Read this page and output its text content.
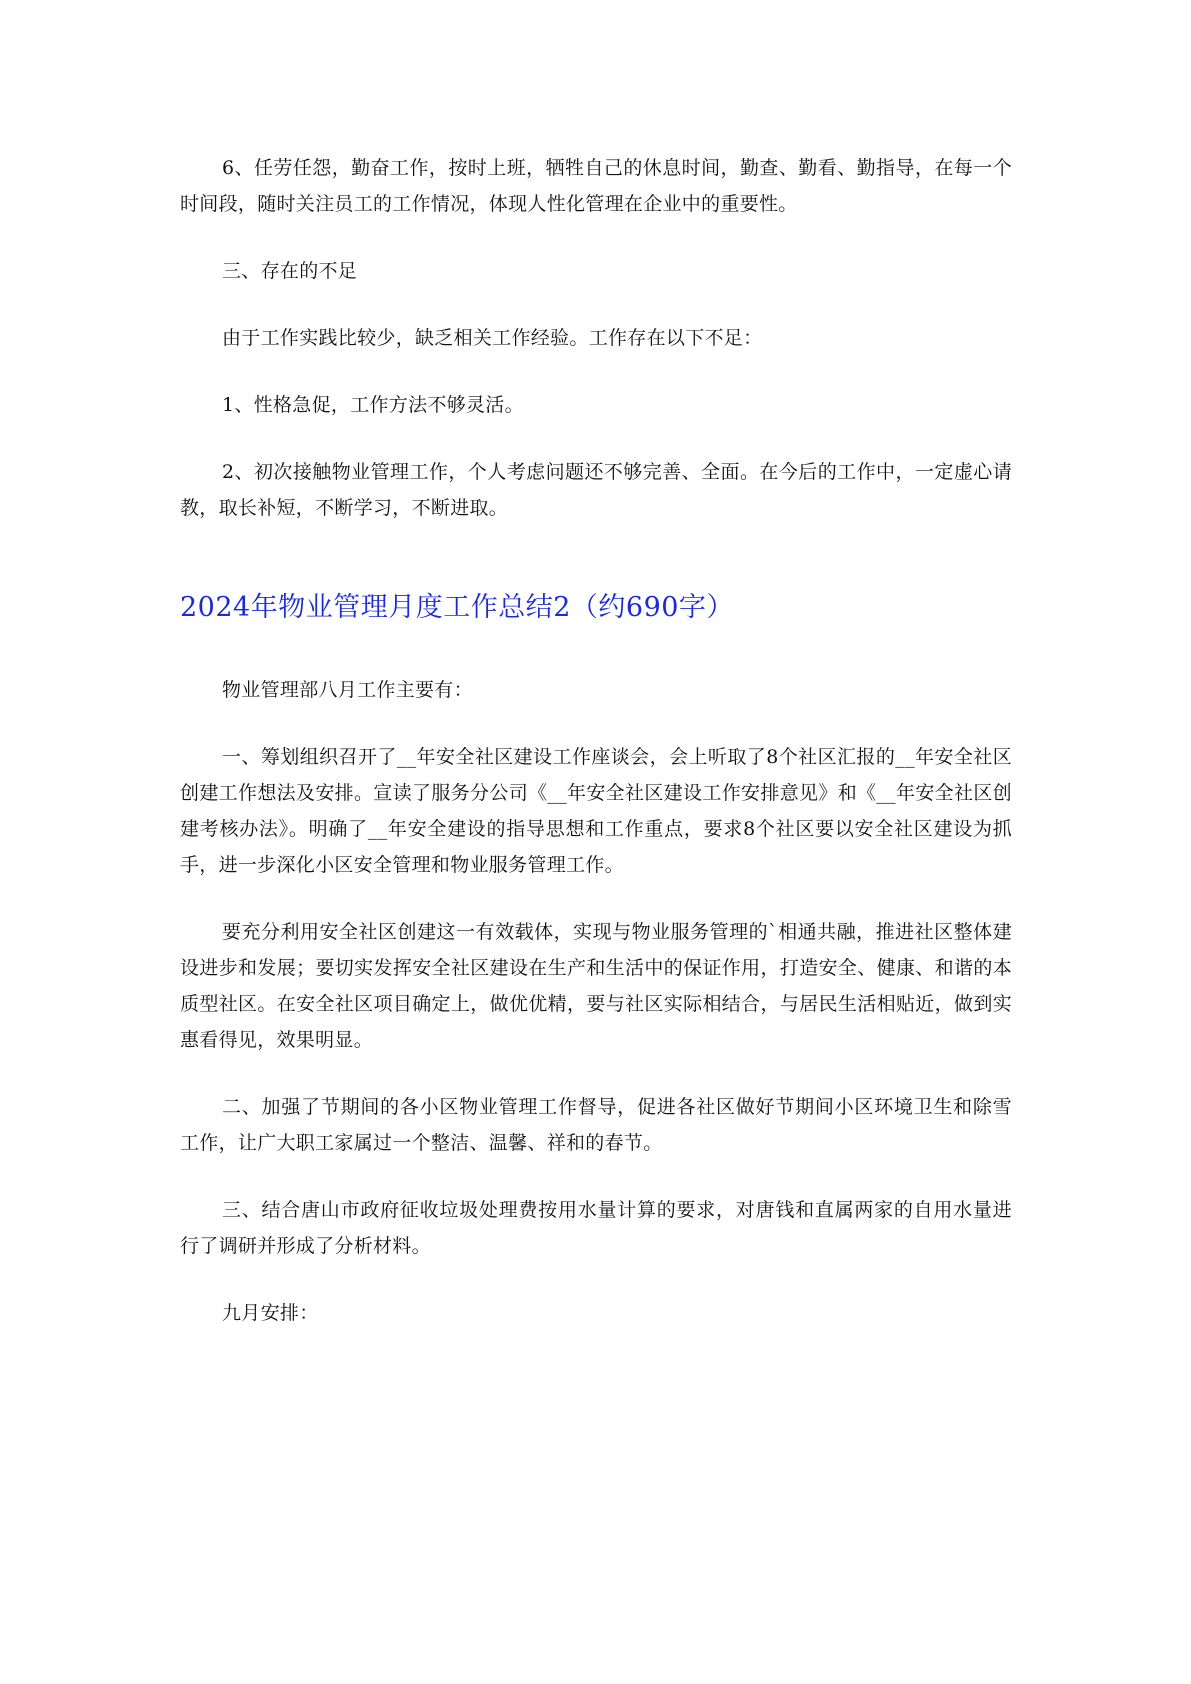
6、任劳任怨，勤奋工作，按时上班，牺牲自己的休息时间，勤查、勤看、勤指导，在每一个时间段，随时关注员工的工作情况，体现人性化管理在企业中的重要性。

三、存在的不足

由于工作实践比较少，缺乏相关工作经验。工作存在以下不足：

1、性格急促，工作方法不够灵活。

2、初次接触物业管理工作，个人考虑问题还不够完善、全面。在今后的工作中，一定虚心请教，取长补短，不断学习，不断进取。

2024年物业管理月度工作总结2（约690字）

物业管理部八月工作主要有：

一、筹划组织召开了__年安全社区建设工作座谈会，会上听取了8个社区汇报的__年安全社区创建工作想法及安排。宣读了服务分公司《__年安全社区建设工作安排意见》和《__年安全社区创建考核办法》。明确了__年安全建设的指导思想和工作重点，要求8个社区要以安全社区建设为抓手，进一步深化小区安全管理和物业服务管理工作。

要充分利用安全社区创建这一有效载体，实现与物业服务管理的`相通共融，推进社区整体建设进步和发展；要切实发挥安全社区建设在生产和生活中的保证作用，打造安全、健康、和谐的本质型社区。在安全社区项目确定上，做优优精，要与社区实际相结合，与居民生活相贴近，做到实惠看得见，效果明显。

二、加强了节期间的各小区物业管理工作督导，促进各社区做好节期间小区环境卫生和除雪工作，让广大职工家属过一个整洁、温馨、祥和的春节。

三、结合唐山市政府征收垃圾处理费按用水量计算的要求，对唐钱和直属两家的自用水量进行了调研并形成了分析材料。

九月安排：
